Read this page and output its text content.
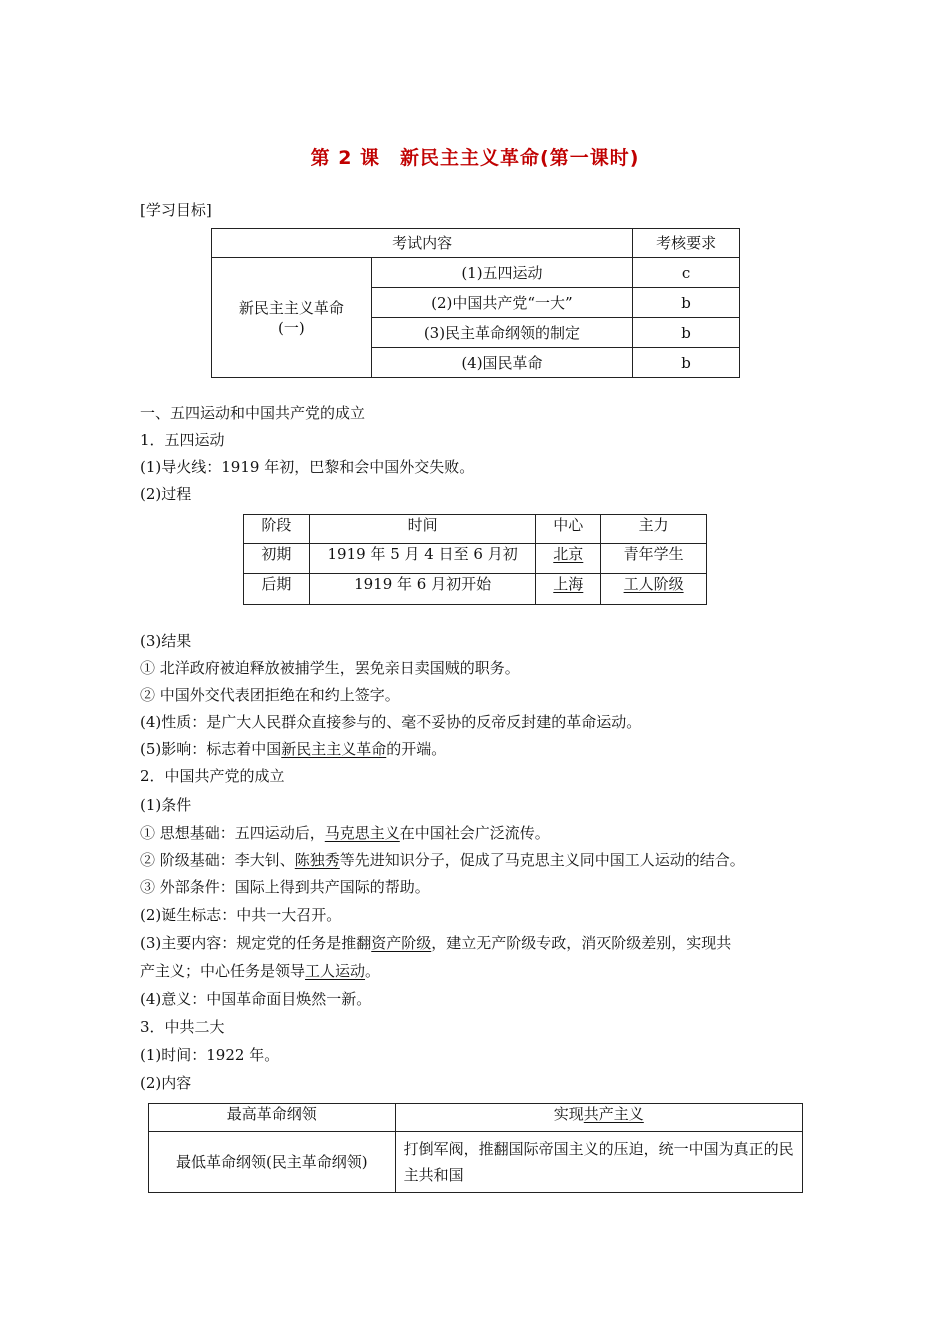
第 2 课　新民主主义革命(第一课时)
[学习目标]
考试内容		考核要求

新民主主义革命
(一)	(1)五四运动	c
	(2)中国共产党“一大”	b
	(3)民主革命纲领的制定	b
	(4)国民革命	b
一、五四运动和中国共产党的成立
1．五四运动
(1)导火线：1919 年初，巴黎和会中国外交失败。
(2)过程
阶段	时间	中心	主力
初期	1919 年 5 月 4 日至 6 月初	北京	青年学生
后期	1919 年 6 月初开始	上海	工人阶级
(3)结果
① 北洋政府被迫释放被捕学生，罢免亲日卖国贼的职务。
② 中国外交代表团拒绝在和约上签字。
(4)性质：是广大人民群众直接参与的、毫不妥协的反帝反封建的革命运动。
(5)影响：标志着中国新民主主义革命的开端。
2．中国共产党的成立
(1)条件
① 思想基础：五四运动后，马克思主义在中国社会广泛流传。
② 阶级基础：李大钊、陈独秀等先进知识分子，促成了马克思主义同中国工人运动的结合。
③ 外部条件：国际上得到共产国际的帮助。
(2)诞生标志：中共一大召开。
(3)主要内容：规定党的任务是推翻资产阶级，建立无产阶级专政，消灭阶级差别，实现共
产主义；中心任务是领导工人运动。
(4)意义：中国革命面目焕然一新。
3．中共二大
(1)时间：1922 年。
(2)内容
最高革命纲领	实现共产主义
最低革命纲领(民主革命纲领)	打倒军阀，推翻国际帝国主义的压迫，统一中国为真正的民主共和国
